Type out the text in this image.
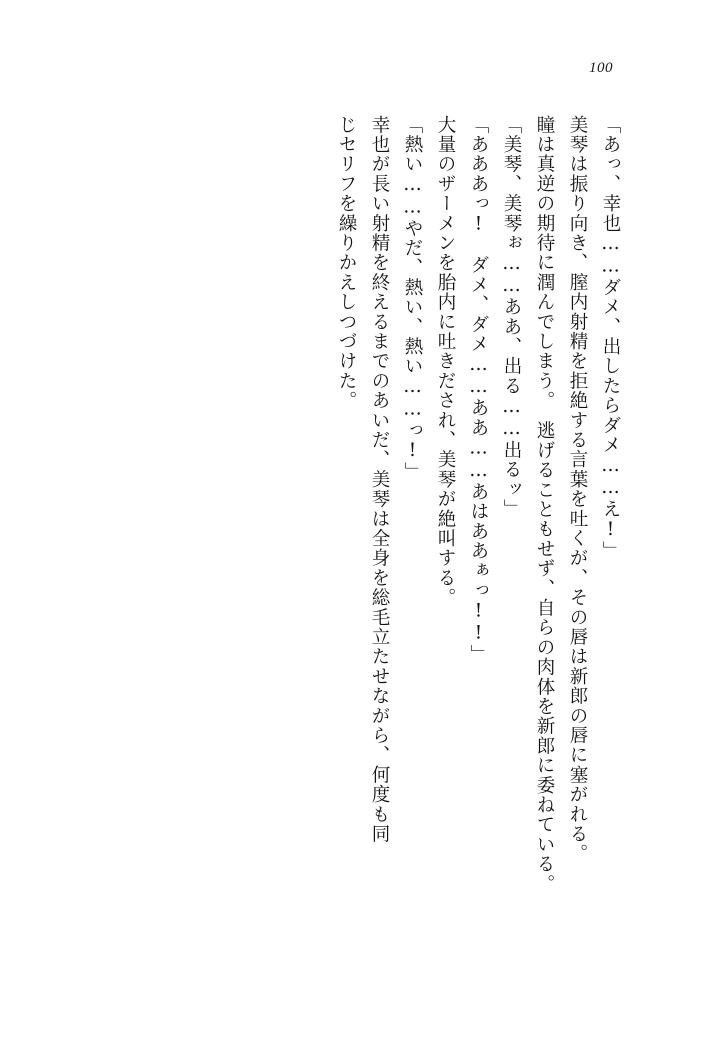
100

「あっ、幸也……ダメ、出したらダメ……え!」

美琴は振り向き、膣内射精を拒絶する言葉を吐くが、その唇は新郎の唇に塞がれる。

瞳は真逆の期待に潤んでしまう。　逃げることもせず、自らの肉体を新郎に委ねている。

「美琴、美琴ぉ……ああ、出る……出るッ」

「あああっ!　ダメ、ダメ……ああ……あはああぁっ!!」

大量のザーメンを胎内に吐きだされ、美琴が絶叫する。

「熱い……やだ、熱い、熱い……っ!」

幸也が長い射精を終えるまでのあいだ、美琴は全身を総毛立たせながら、何度も同

じセリフを繰りかえしつづけた。
